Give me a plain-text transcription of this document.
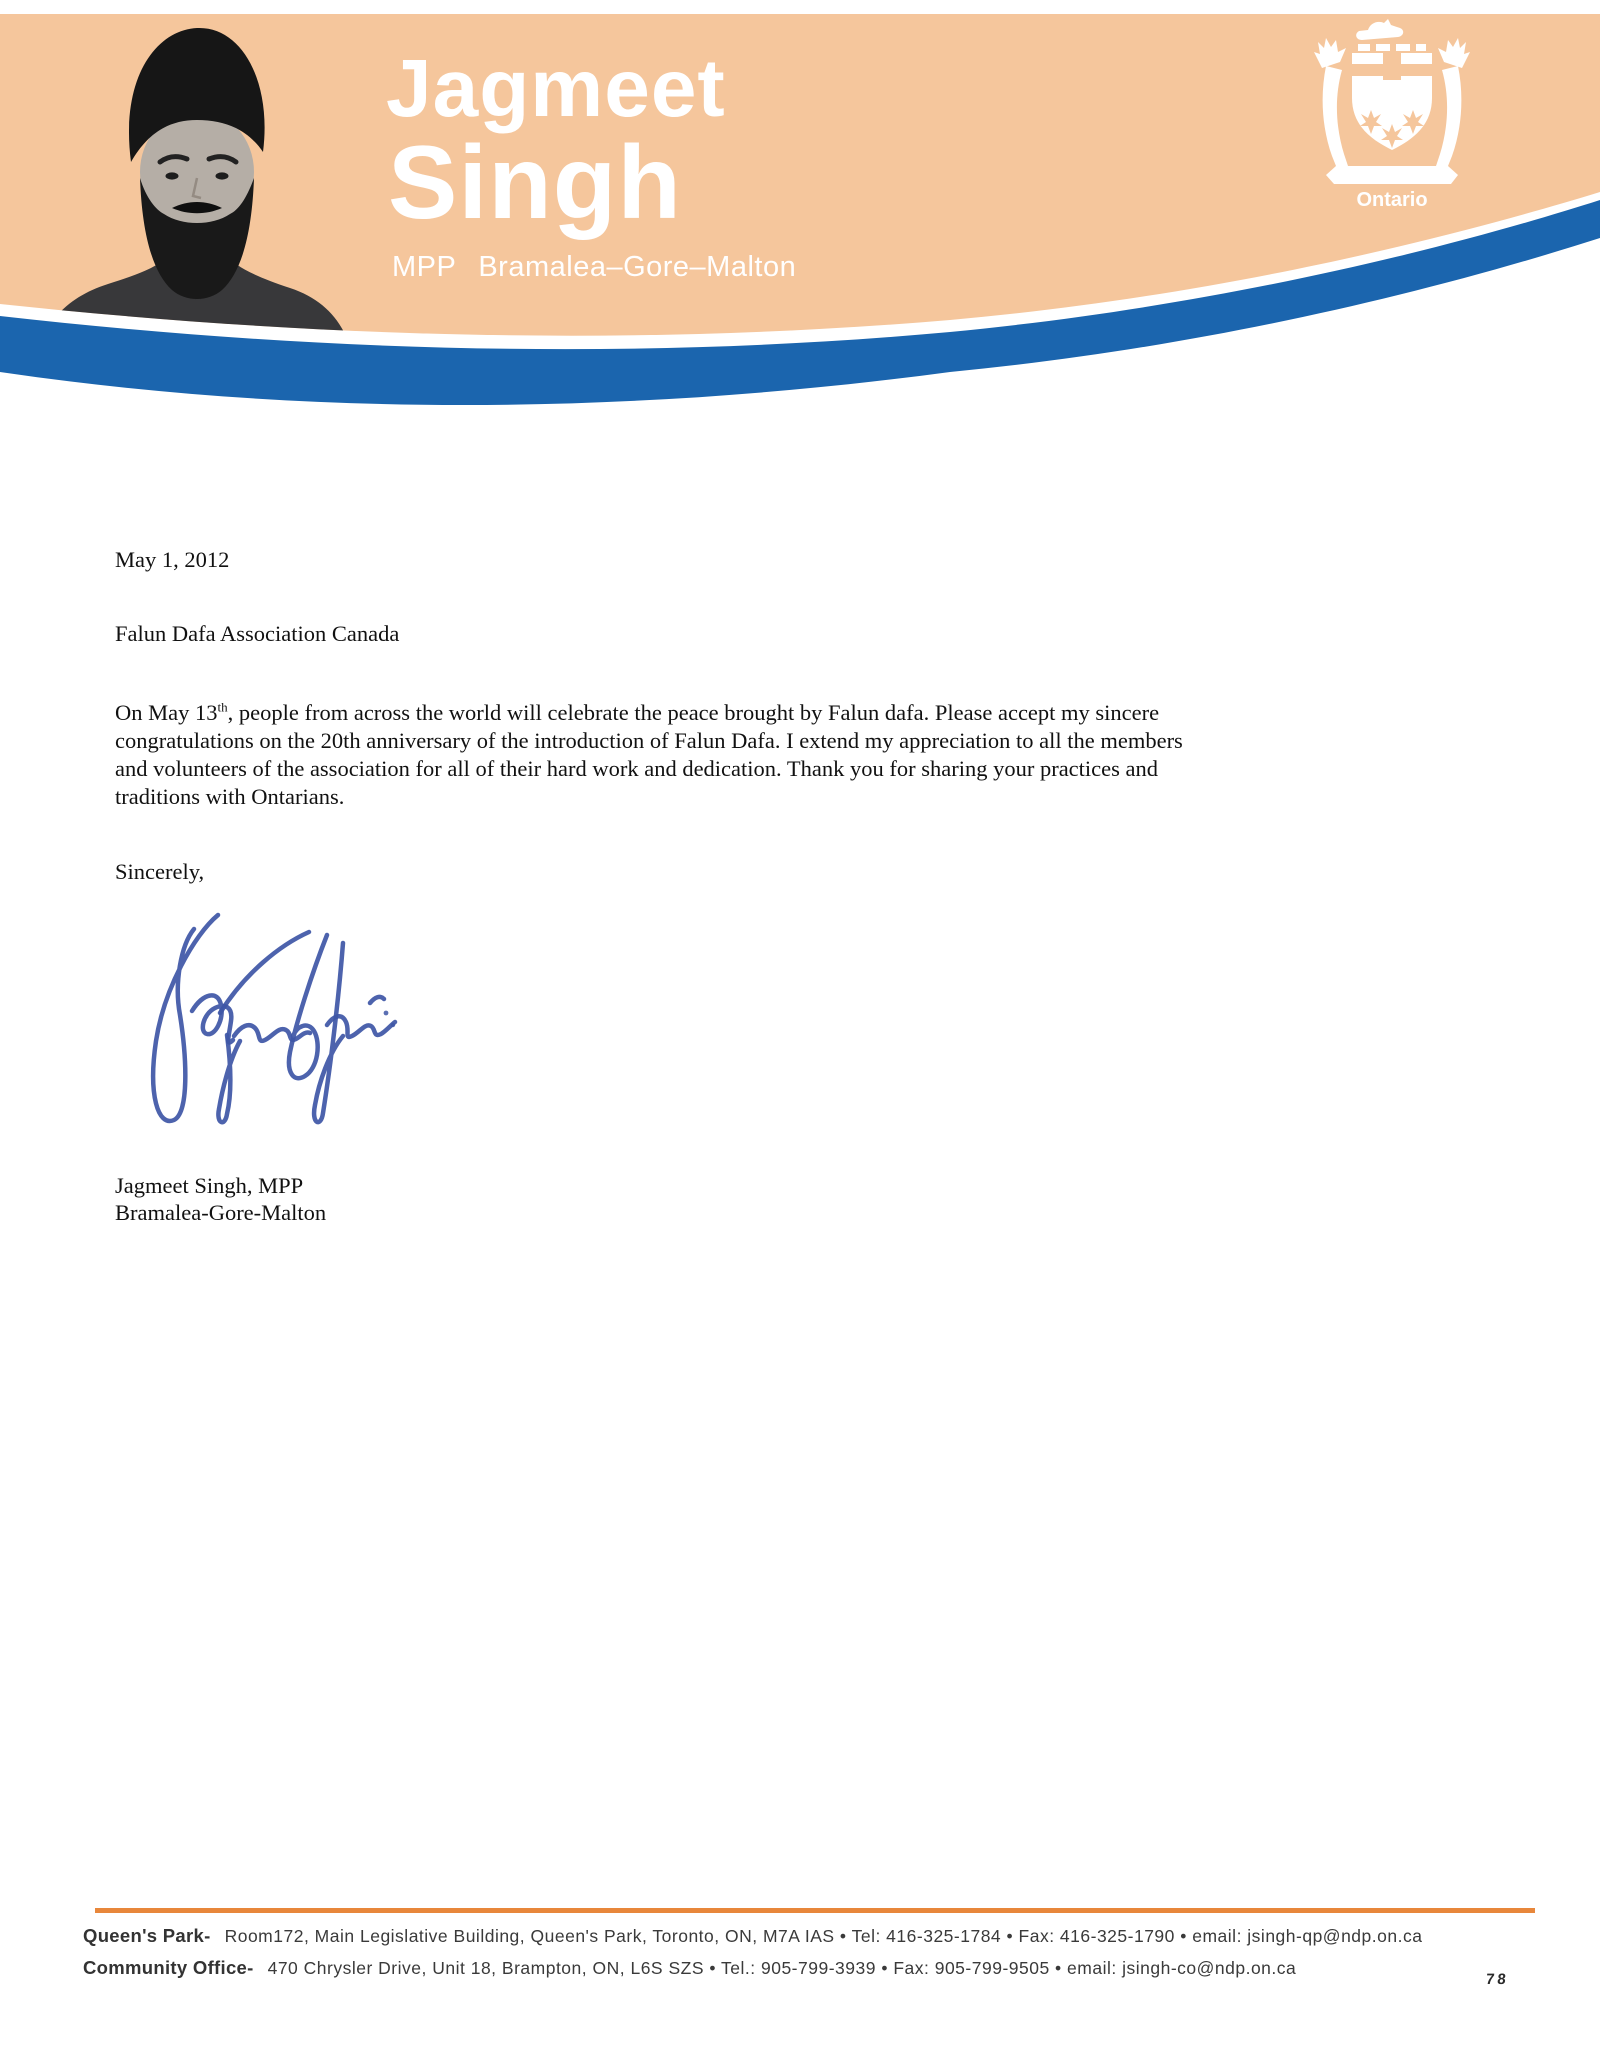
Ontario
Jagmeet
Singh
MPP Bramalea–Gore–Malton
May 1, 2012
Falun Dafa Association Canada
On May 13th, people from across the world will celebrate the peace brought by Falun dafa. Please accept my sincere
congratulations on the 20th anniversary of the introduction of Falun Dafa. I extend my appreciation to all the members
and volunteers of the association for all of their hard work and dedication. Thank you for sharing your practices and
traditions with Ontarians.
Sincerely,
Jagmeet Singh, MPP
Bramalea-Gore-Malton
Queen's Park- Room172, Main Legislative Building, Queen's Park, Toronto, ON, M7A IAS • Tel: 416-325-1784 • Fax: 416-325-1790 • email: jsingh-qp@ndp.on.ca
Community Office- 470 Chrysler Drive, Unit 18, Brampton, ON, L6S SZS • Tel.: 905-799-3939 • Fax: 905-799-9505 • email: jsingh-co@ndp.on.ca
78
